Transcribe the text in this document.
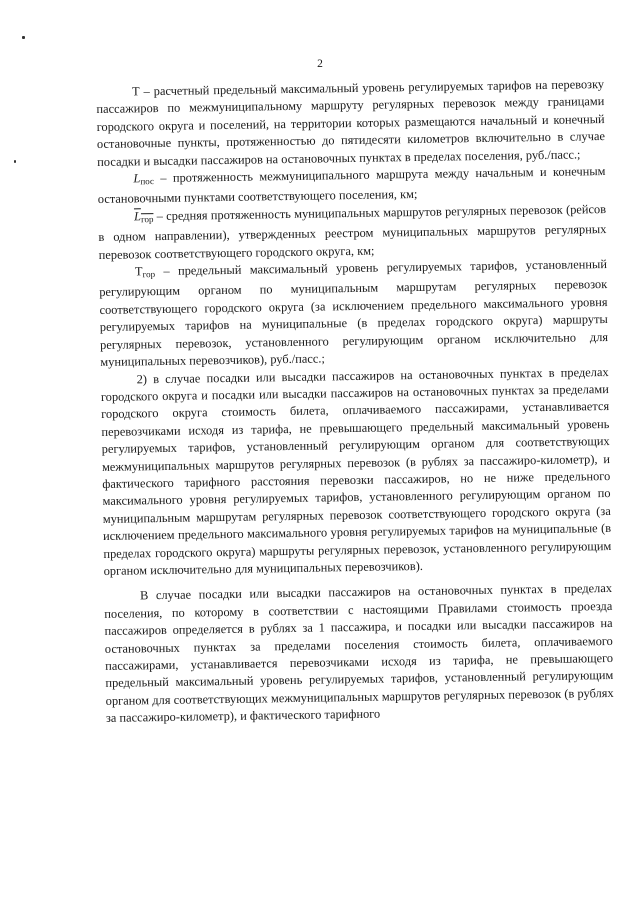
2

Т – расчетный предельный максимальный уровень регулируемых тарифов на перевозку пассажиров по межмуниципальному маршруту регулярных перевозок между границами городского округа и поселений, на территории которых размещаются начальный и конечный остановочные пункты, протяженностью до пятидесяти километров включительно в случае посадки и высадки пассажиров на остановочных пунктах в пределах поселения, руб./пасс.;

$L_{пос}$ – протяженность межмуниципального маршрута между начальным и конечным остановочными пунктами соответствующего поселения, км;

$L_{гор}$ – средняя протяженность муниципальных маршрутов регулярных перевозок (рейсов в одном направлении), утвержденных реестром муниципальных маршрутов регулярных перевозок соответствующего городского округа, км;

$Т_{гор}$ – предельный максимальный уровень регулируемых тарифов, установленный регулирующим органом по муниципальным маршрутам регулярных перевозок соответствующего городского округа (за исключением предельного максимального уровня регулируемых тарифов на муниципальные (в пределах городского округа) маршруты регулярных перевозок, установленного регулирующим органом исключительно для муниципальных перевозчиков), руб./пасс.;

2) в случае посадки или высадки пассажиров на остановочных пунктах в пределах городского округа и посадки или высадки пассажиров на остановочных пунктах за пределами городского округа стоимость билета, оплачиваемого пассажирами, устанавливается перевозчиками исходя из тарифа, не превышающего предельный максимальный уровень регулируемых тарифов, установленный регулирующим органом для соответствующих межмуниципальных маршрутов регулярных перевозок (в рублях за пассажиро-километр), и фактического тарифного расстояния перевозки пассажиров, но не ниже предельного максимального уровня регулируемых тарифов, установленного регулирующим органом по муниципальным маршрутам регулярных перевозок соответствующего городского округа (за исключением предельного максимального уровня регулируемых тарифов на муниципальные (в пределах городского округа) маршруты регулярных перевозок, установленного регулирующим органом исключительно для муниципальных перевозчиков).

В случае посадки или высадки пассажиров на остановочных пунктах в пределах поселения, по которому в соответствии с настоящими Правилами стоимость проезда пассажиров определяется в рублях за 1 пассажира, и посадки или высадки пассажиров на остановочных пунктах за пределами поселения стоимость билета, оплачиваемого пассажирами, устанавливается перевозчиками исходя из тарифа, не превышающего предельный максимальный уровень регулируемых тарифов, установленный регулирующим органом для соответствующих межмуниципальных маршрутов регулярных перевозок (в рублях за пассажиро-километр), и фактического тарифного
